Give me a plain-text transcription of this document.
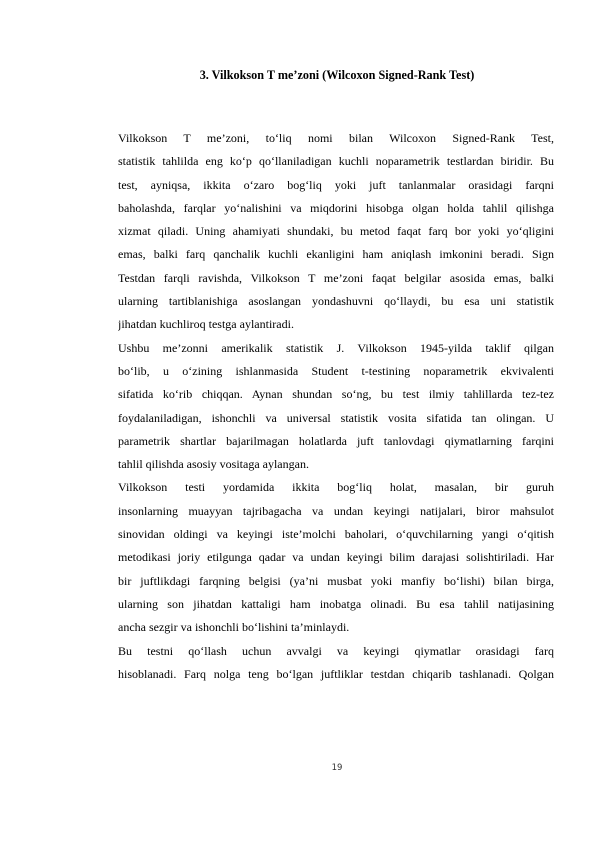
3. Vilkokson T me’zoni (Wilcoxon Signed-Rank Test)
Vilkokson T me’zoni, to‘liq nomi bilan Wilcoxon Signed-Rank Test,
statistik tahlilda eng ko‘p qo‘llaniladigan kuchli noparametrik testlardan biridir. Bu
test, ayniqsa, ikkita o‘zaro bog‘liq yoki juft tanlanmalar orasidagi farqni
baholashda, farqlar yo‘nalishini va miqdorini hisobga olgan holda tahlil qilishga
xizmat qiladi. Uning ahamiyati shundaki, bu metod faqat farq bor yoki yo‘qligini
emas, balki farq qanchalik kuchli ekanligini ham aniqlash imkonini beradi. Sign
Testdan farqli ravishda, Vilkokson T me’zoni faqat belgilar asosida emas, balki
ularning tartiblanishiga asoslangan yondashuvni qo‘llaydi, bu esa uni statistik
jihatdan kuchliroq testga aylantiradi.
Ushbu me’zonni amerikalik statistik J. Vilkokson 1945-yilda taklif qilgan
bo‘lib, u o‘zining ishlanmasida Student t-testining noparametrik ekvivalenti
sifatida ko‘rib chiqqan. Aynan shundan so‘ng, bu test ilmiy tahlillarda tez-tez
foydalaniladigan, ishonchli va universal statistik vosita sifatida tan olingan. U
parametrik shartlar bajarilmagan holatlarda juft tanlovdagi qiymatlarning farqini
tahlil qilishda asosiy vositaga aylangan.
Vilkokson testi yordamida ikkita bog‘liq holat, masalan, bir guruh
insonlarning muayyan tajribagacha va undan keyingi natijalari, biror mahsulot
sinovidan oldingi va keyingi iste’molchi baholari, o‘quvchilarning yangi o‘qitish
metodikasi joriy etilgunga qadar va undan keyingi bilim darajasi solishtiriladi. Har
bir juftlikdagi farqning belgisi (ya’ni musbat yoki manfiy bo‘lishi) bilan birga,
ularning son jihatdan kattaligi ham inobatga olinadi. Bu esa tahlil natijasining
ancha sezgir va ishonchli bo‘lishini ta’minlaydi.
Bu testni qo‘llash uchun avvalgi va keyingi qiymatlar orasidagi farq
hisoblanadi. Farq nolga teng bo‘lgan juftliklar testdan chiqarib tashlanadi. Qolgan
19
